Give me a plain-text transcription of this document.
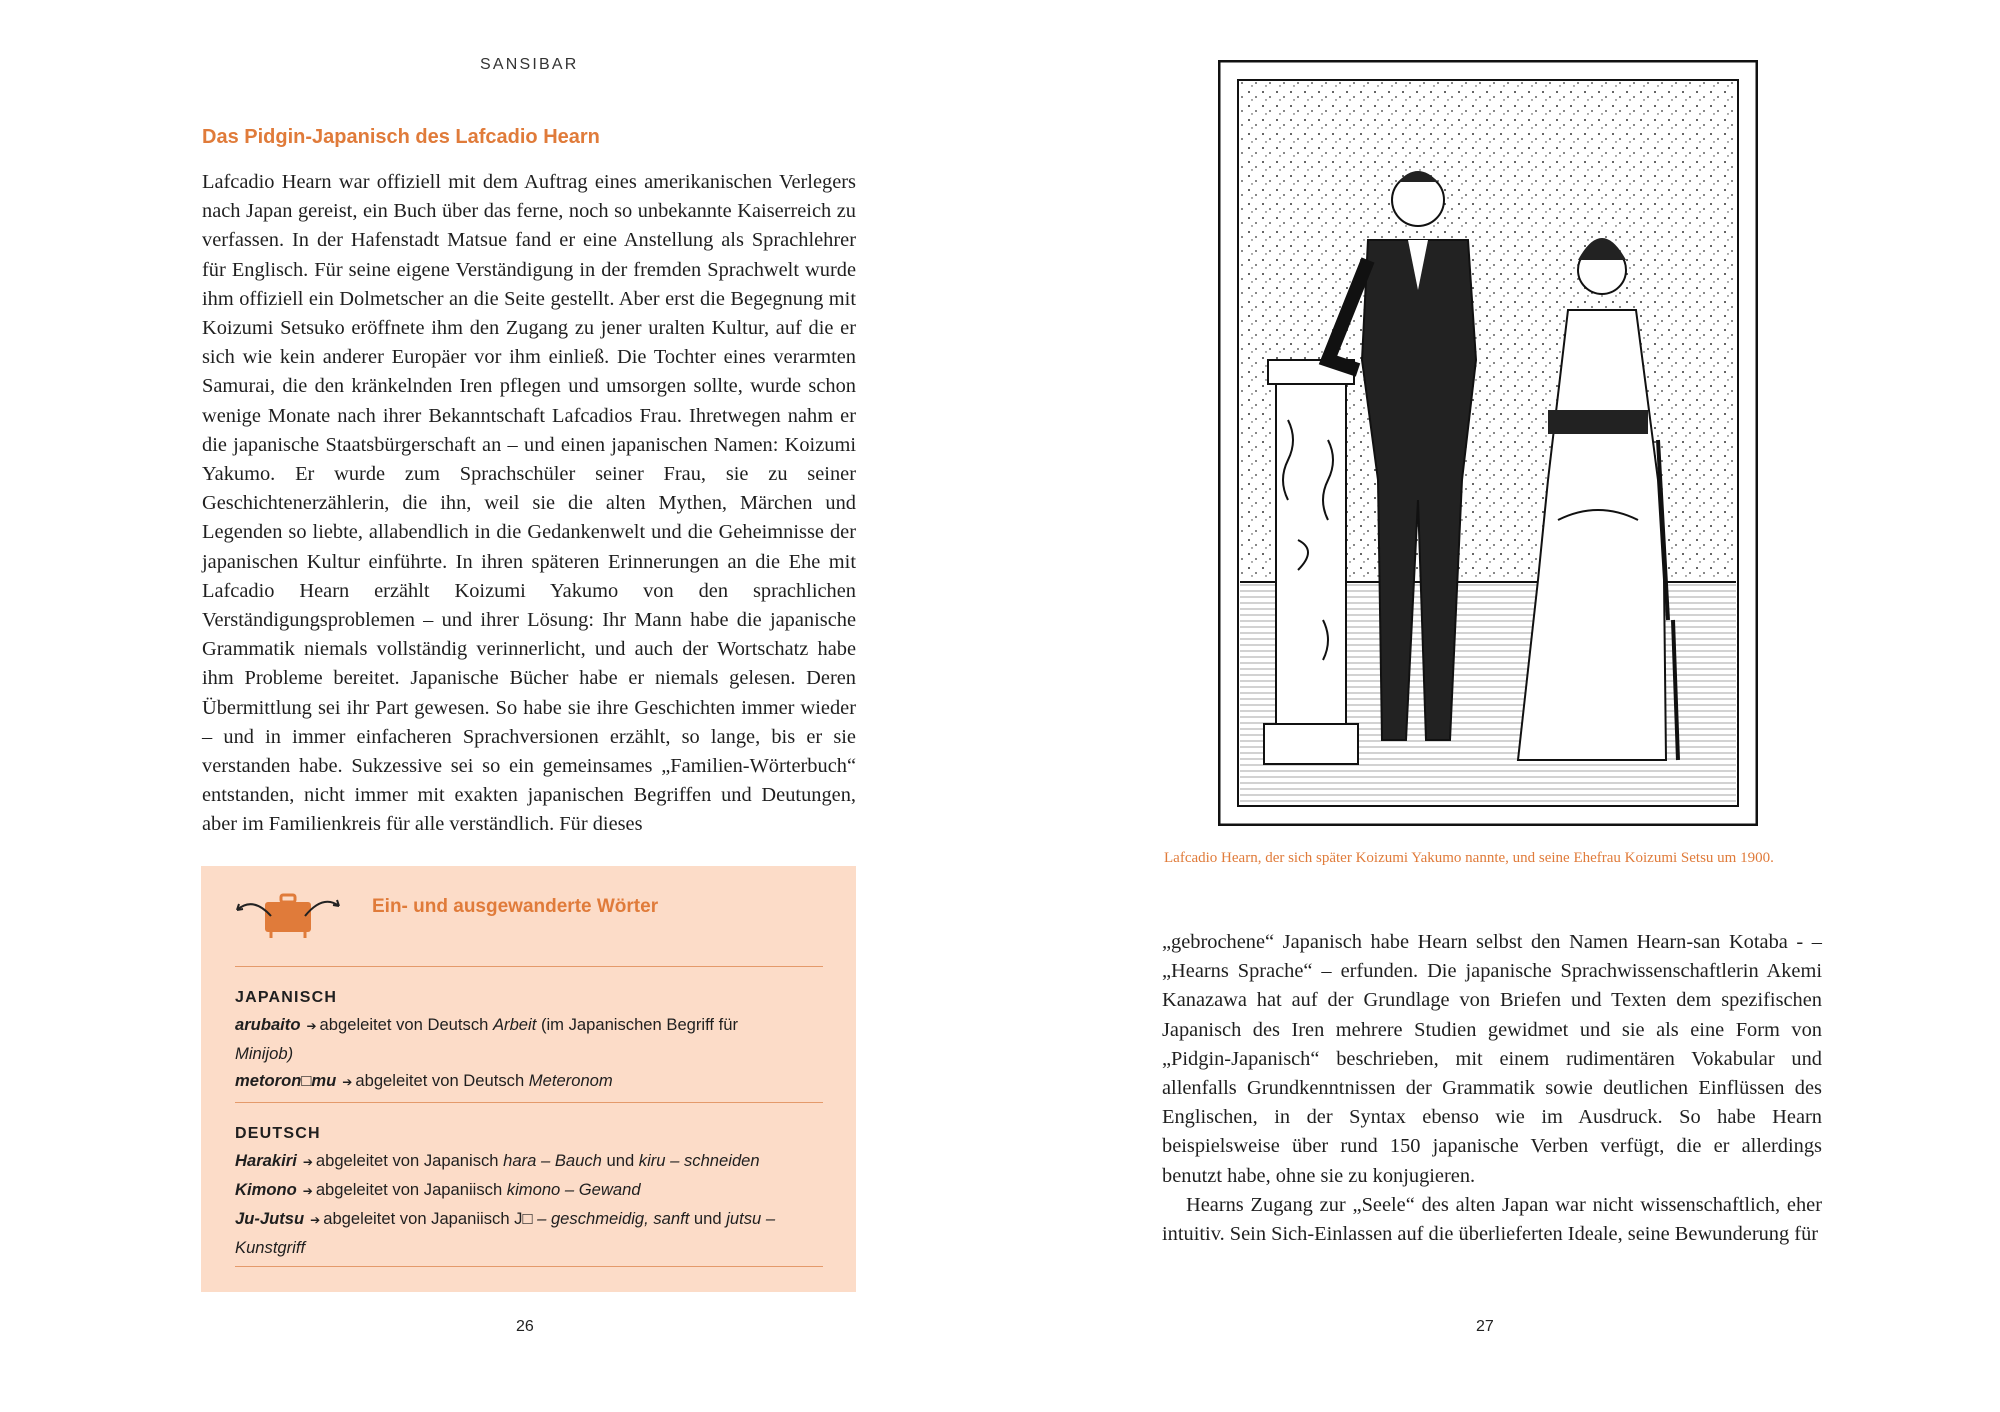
SANSIBAR
Das Pidgin-Japanisch des Lafcadio Hearn

Lafcadio Hearn war offiziell mit dem Auftrag eines amerikanischen Verlegers nach Japan gereist, ein Buch über das ferne, noch so unbekannte Kaiserreich zu verfassen. In der Hafenstadt Matsue fand er eine Anstellung als Sprachlehrer für Englisch. Für seine eigene Verständigung in der fremden Sprachwelt wurde ihm offiziell ein Dolmetscher an die Seite gestellt. Aber erst die Begegnung mit Koizumi Setsuko eröffnete ihm den Zugang zu jener uralten Kultur, auf die er sich wie kein anderer Europäer vor ihm einließ. Die Tochter eines verarmten Samurai, die den kränkelnden Iren pflegen und umsorgen sollte, wurde schon wenige Monate nach ihrer Bekanntschaft Lafcadios Frau. Ihretwegen nahm er die japanische Staatsbürgerschaft an – und einen japanischen Namen: Koizumi Yakumo. Er wurde zum Sprachschüler seiner Frau, sie zu seiner Geschichtenerzählerin, die ihn, weil sie die alten Mythen, Märchen und Legenden so liebte, allabendlich in die Gedankenwelt und die Geheimnisse der japanischen Kultur einführte. In ihren späteren Erinnerungen an die Ehe mit Lafcadio Hearn erzählt Koizumi Yakumo von den sprachlichen Verständigungsproblemen – und ihrer Lösung: Ihr Mann habe die japanische Grammatik niemals vollständig verinnerlicht, und auch der Wortschatz habe ihm Probleme bereitet. Japanische Bücher habe er niemals gelesen. Deren Übermittlung sei ihr Part gewesen. So habe sie ihre Geschichten immer wieder – und in immer einfacheren Sprachversionen erzählt, so lange, bis er sie verstanden habe. Sukzessive sei so ein gemeinsames „Familien-Wörterbuch“ entstanden, nicht immer mit exakten japanischen Begriffen und Deutungen, aber im Familienkreis für alle verständlich. Für dieses

Ein- und ausgewanderte Wörter
JAPANISCH
arubaito ➔ abgeleitet von Deutsch Arbeit (im Japanischen Begriff für
Minijob)
metoron□mu ➔ abgeleitet von Deutsch Meteronom
DEUTSCH
Harakiri ➔ abgeleitet von Japanisch hara – Bauch und kiru – schneiden
Kimono ➔ abgeleitet von Japaniisch kimono – Gewand
Ju-Jutsu ➔ abgeleitet von Japaniisch J□ – geschmeidig, sanft und jutsu –
Kunstgriff
26
Lafcadio Hearn, der sich später Koizumi Yakumo nannte, und seine Ehefrau Koizumi Setsu um 1900.

„gebrochene“ Japanisch habe Hearn selbst den Namen Hearn-san Kotaba - – „Hearns Sprache“ – erfunden. Die japanische Sprachwissenschaftlerin Akemi Kanazawa hat auf der Grundlage von Briefen und Texten dem spezifischen Japanisch des Iren mehrere Studien gewidmet und sie als eine Form von „Pidgin-Japanisch“ beschrieben, mit einem rudimentären Vokabular und allenfalls Grundkenntnissen der Grammatik sowie deutlichen Einflüssen des Englischen, in der Syntax ebenso wie im Ausdruck. So habe Hearn beispielsweise über rund 150 japanische Verben verfügt, die er allerdings benutzt habe, ohne sie zu konjugieren.

Hearns Zugang zur „Seele“ des alten Japan war nicht wissenschaftlich, eher intuitiv. Sein Sich-Einlassen auf die überlieferten Ideale, seine Bewunderung für

27
